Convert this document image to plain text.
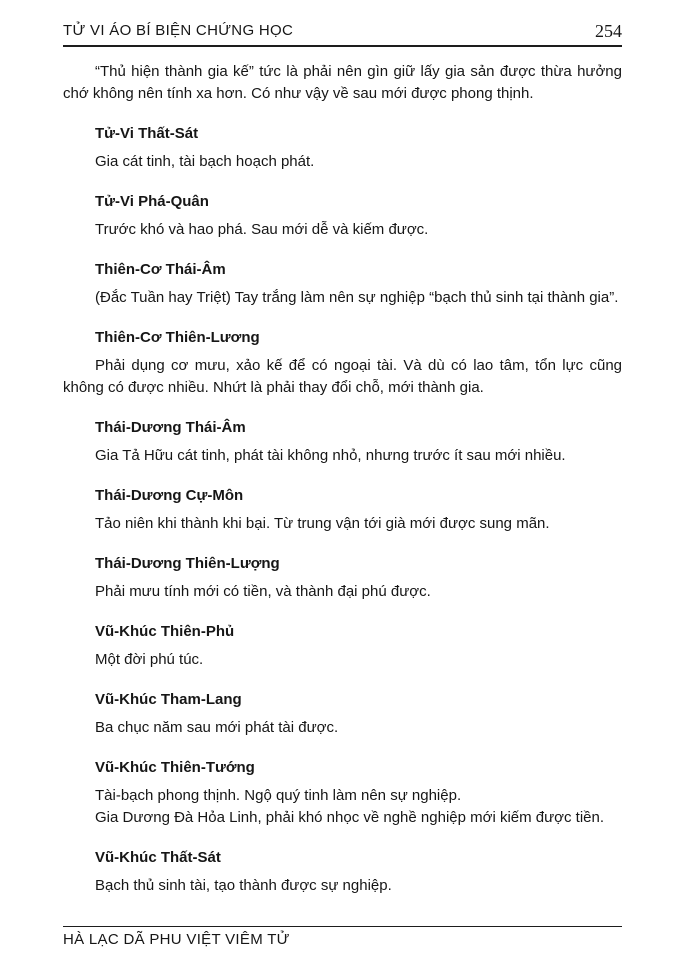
TỬ VI ÁO BÍ BIỆN CHỨNG HỌC	254

“Thủ hiện thành gia kế” tức là phải nên gìn giữ lấy gia sản được thừa hưởng chớ không nên tính xa hơn. Có như vậy về sau mới được phong thịnh.

Tử-Vi Thất-Sát

Gia cát tinh, tài bạch hoạch phát.

Tử-Vi Phá-Quân

Trước khó và hao phá. Sau mới dễ và kiếm được.

Thiên-Cơ Thái-Âm

(Đắc Tuần hay Triệt) Tay trắng làm nên sự nghiệp “bạch thủ sinh tại thành gia”.

Thiên-Cơ Thiên-Lương

Phải dụng cơ mưu, xảo kế để có ngoại tài. Và dù có lao tâm, tổn lực cũng không có được nhiều. Nhứt là phải thay đổi chỗ, mới thành gia.

Thái-Dương Thái-Âm

Gia Tả Hữu cát tinh, phát tài không nhỏ, nhưng trước ít sau mới nhiều.

Thái-Dương Cự-Môn

Tảo niên khi thành khi bại. Từ trung vận tới già mới được sung mãn.

Thái-Dương Thiên-Lượng

Phải mưu tính mới có tiền, và thành đại phú được.

Vũ-Khúc Thiên-Phủ

Một đời phú túc.

Vũ-Khúc Tham-Lang

Ba chục năm sau mới phát tài được.

Vũ-Khúc Thiên-Tướng

Tài-bạch phong thịnh. Ngộ quý tinh làm nên sự nghiệp.

Gia Dương Đà Hỏa Linh, phải khó nhọc về nghề nghiệp mới kiếm được tiền.

Vũ-Khúc Thất-Sát

Bạch thủ sinh tài, tạo thành được sự nghiệp.

HÀ LẠC DÃ PHU VIỆT VIÊM TỬ
